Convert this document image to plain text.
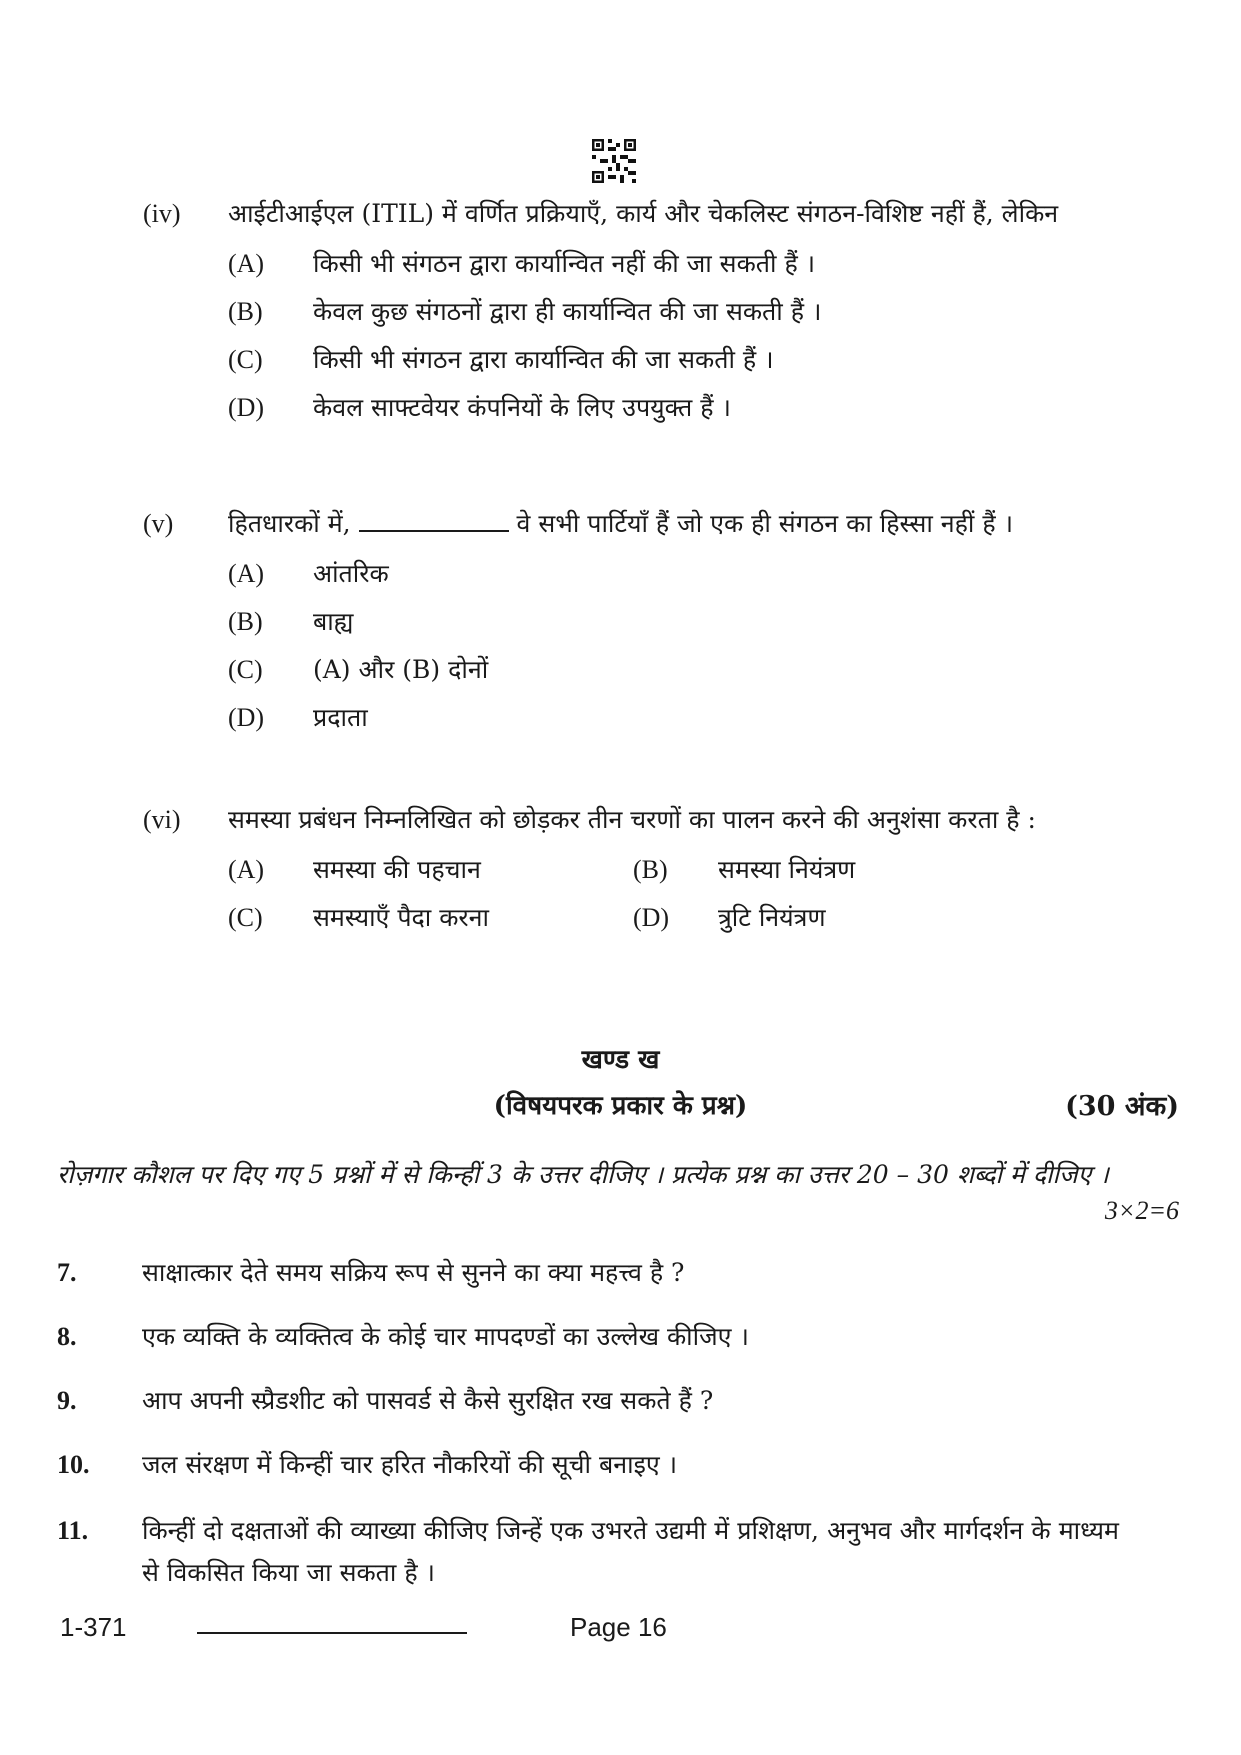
(iv) आईटीआईएल (ITIL) में वर्णित प्रक्रियाएँ, कार्य और चेकलिस्ट संगठन-विशिष्ट नहीं हैं, लेकिन
(A) किसी भी संगठन द्वारा कार्यान्वित नहीं की जा सकती हैं ।
(B) केवल कुछ संगठनों द्वारा ही कार्यान्वित की जा सकती हैं ।
(C) किसी भी संगठन द्वारा कार्यान्वित की जा सकती हैं ।
(D) केवल साफ्टवेयर कंपनियों के लिए उपयुक्त हैं ।
(v) हितधारकों में,	वे सभी पार्टियाँ हैं जो एक ही संगठन का हिस्सा नहीं हैं ।
(A) आंतरिक
(B) बाह्य
(C) (A) और (B) दोनों
(D) प्रदाता
(vi) समस्या प्रबंधन निम्नलिखित को छोड़कर तीन चरणों का पालन करने की अनुशंसा करता है :
(A) समस्या की पहचान	(B) समस्या नियंत्रण
(C) समस्याएँ पैदा करना	(D) त्रुटि नियंत्रण
खण्ड ख
(विषयपरक प्रकार के प्रश्न)	(30 अंक)
रोज़गार कौशल पर दिए गए 5 प्रश्नों में से किन्हीं 3 के उत्तर दीजिए । प्रत्येक प्रश्न का उत्तर 20 – 30 शब्दों में दीजिए ।
3×2=6
7.	साक्षात्कार देते समय सक्रिय रूप से सुनने का क्या महत्त्व है ?
8.	एक व्यक्ति के व्यक्तित्व के कोई चार मापदण्डों का उल्लेख कीजिए ।
9.	आप अपनी स्प्रैडशीट को पासवर्ड से कैसे सुरक्षित रख सकते हैं ?
10. जल संरक्षण में किन्हीं चार हरित नौकरियों की सूची बनाइए ।
11. किन्हीं दो दक्षताओं की व्याख्या कीजिए जिन्हें एक उभरते उद्यमी में प्रशिक्षण, अनुभव और मार्गदर्शन के माध्यम से विकसित किया जा सकता है ।
1-371	Page 16
